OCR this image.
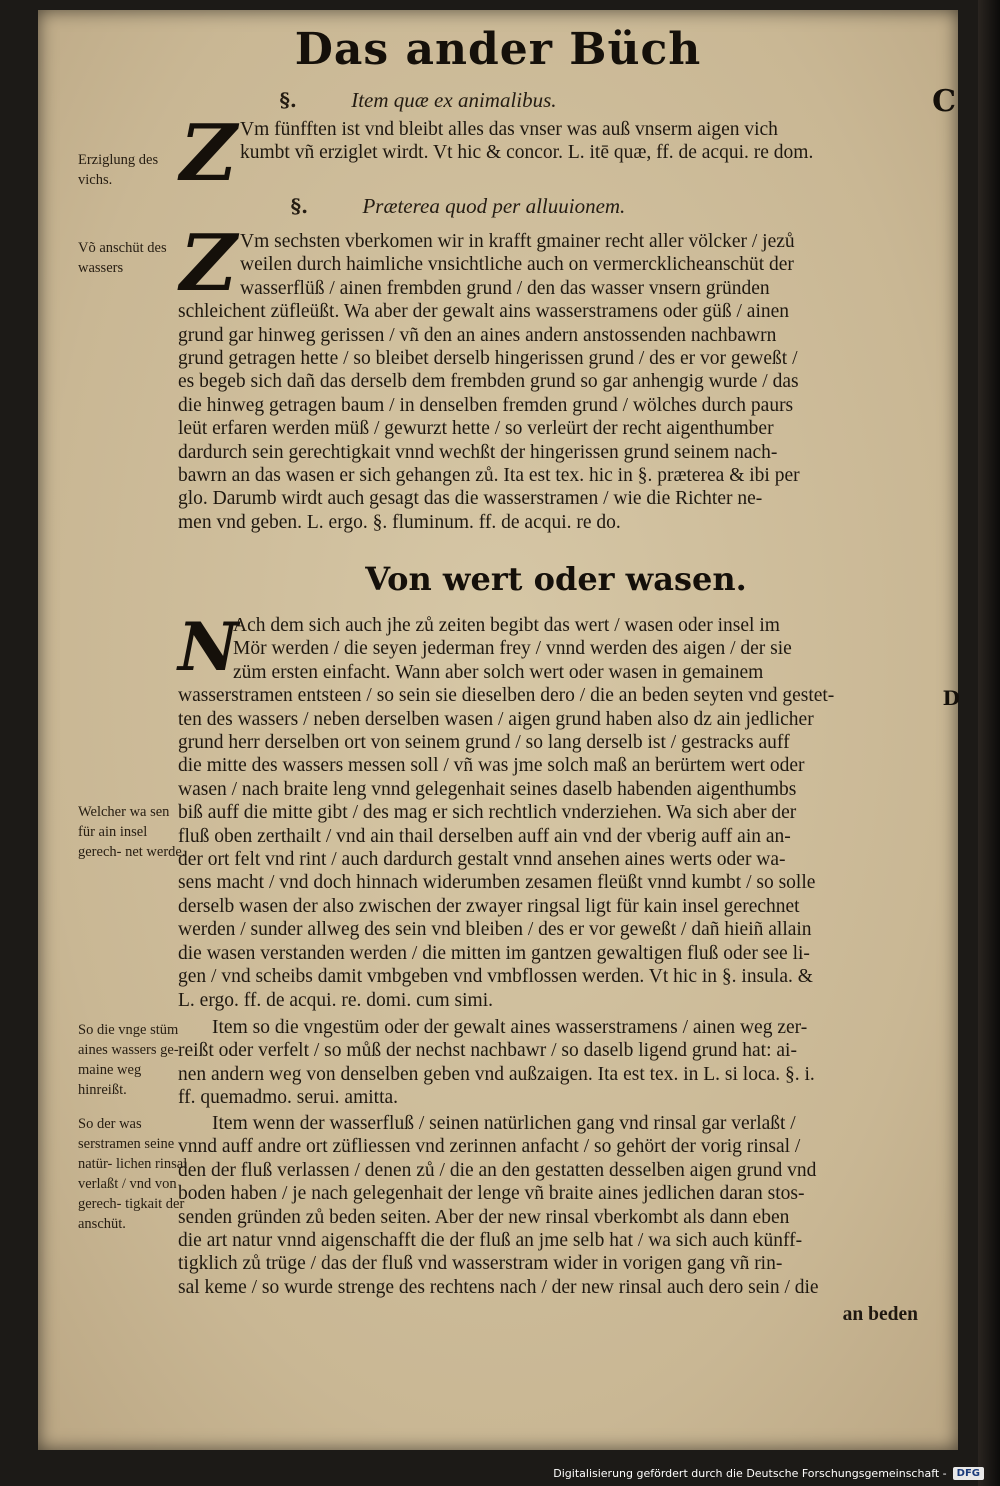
Das ander Büch
C
§.	Item quæ ex animalibus.
Z
Erziglung des vichs.
Vm fünfften ist vnd bleibt alles das vnser was auß vnserm aigen vich
kumbt vñ erziglet wirdt. Vt hic & concor. L. itē quæ, ff. de acqui. re dom.
§.	Præterea quod per alluuionem.
Z
Võ anschüt des wassers
Vm sechsten vberkomen wir in krafft gmainer recht aller völcker / jezů
weilen durch haimliche vnsichtliche auch on vermercklicheanschüt der
wasserflüß / ainen frembden grund / den das wasser vnsern gründen
schleichent züfleüßt. Wa aber der gewalt ains wasserstramens oder güß / ainen
grund gar hinweg gerissen / vñ den an aines andern anstossenden nachbawrn
grund getragen hette / so bleibet derselb hingerissen grund / des er vor geweßt /
es begeb sich dañ das derselb dem frembden grund so gar anhengig wurde / das
die hinweg getragen baum / in denselben fremden grund / wölches durch paurs
leüt erfaren werden müß / gewurzt hette / so verleürt der recht aigenthumber
dardurch sein gerechtigkait vnnd wechßt der hingerissen grund seinem nach-
bawrn an das wasen er sich gehangen zů. Ita est tex. hic in §. præterea & ibi per
glo. Darumb wirdt auch gesagt das die wasserstramen / wie die Richter ne-
men vnd geben. L. ergo. §. fluminum. ff. de acqui. re do.
Von wert oder wasen.
N
D
Welcher wa sen für ain insel gerech- net werde.
Ach dem sich auch jhe zů zeiten begibt das wert / wasen oder insel im
Mör werden / die seyen jederman frey / vnnd werden des aigen / der sie
züm ersten einfacht. Wann aber solch wert oder wasen in gemainem
wasserstramen entsteen / so sein sie dieselben dero / die an beden seyten vnd gestet-
ten des wassers / neben derselben wasen / aigen grund haben also dz ain jedlicher
grund herr derselben ort von seinem grund / so lang derselb ist / gestracks auff
die mitte des wassers messen soll / vñ was jme solch maß an berürtem wert oder
wasen / nach braite leng vnnd gelegenhait seines daselb habenden aigenthumbs
biß auff die mitte gibt / des mag er sich rechtlich vnderziehen. Wa sich aber der
fluß oben zerthailt / vnd ain thail derselben auff ain vnd der vberig auff ain an-
der ort felt vnd rint / auch dardurch gestalt vnnd ansehen aines werts oder wa-
sens macht / vnd doch hinnach widerumben zesamen fleüßt vnnd kumbt / so solle
derselb wasen der also zwischen der zwayer ringsal ligt für kain insel gerechnet
werden / sunder allweg des sein vnd bleiben / des er vor geweßt / dañ hieiñ allain
die wasen verstanden werden / die mitten im gantzen gewaltigen fluß oder see li-
gen / vnd scheibs damit vmbgeben vnd vmbflossen werden. Vt hic in §. insula. &
L. ergo. ff. de acqui. re. domi. cum simi.
So die vnge stüm aines wassers ge- maine weg hinreißt.
Item so die vngestüm oder der gewalt aines wasserstramens / ainen weg zer-
reißt oder verfelt / so můß der nechst nachbawr / so daselb ligend grund hat: ai-
nen andern weg von denselben geben vnd außzaigen. Ita est tex. in L. si loca. §. i.
ff. quemadmo. serui. amitta.
So der was serstramen seine natür- lichen rinsal verlaßt / vnd von gerech- tigkait der anschüt.
Item wenn der wasserfluß / seinen natürlichen gang vnd rinsal gar verlaßt /
vnnd auff andre ort züfliessen vnd zerinnen anfacht / so gehört der vorig rinsal /
den der fluß verlassen / denen zů / die an den gestatten desselben aigen grund vnd
boden haben / je nach gelegenhait der lenge vñ braite aines jedlichen daran stos-
senden gründen zů beden seiten. Aber der new rinsal vberkombt als dann eben
die art natur vnnd aigenschafft die der fluß an jme selb hat / wa sich auch künff-
tigklich zů trüge / das der fluß vnd wasserstram wider in vorigen gang vñ rin-
sal keme / so wurde strenge des rechtens nach / der new rinsal auch dero sein / die
an beden
Digitalisierung gefördert durch die Deutsche Forschungsgemeinschaft -	DFG
